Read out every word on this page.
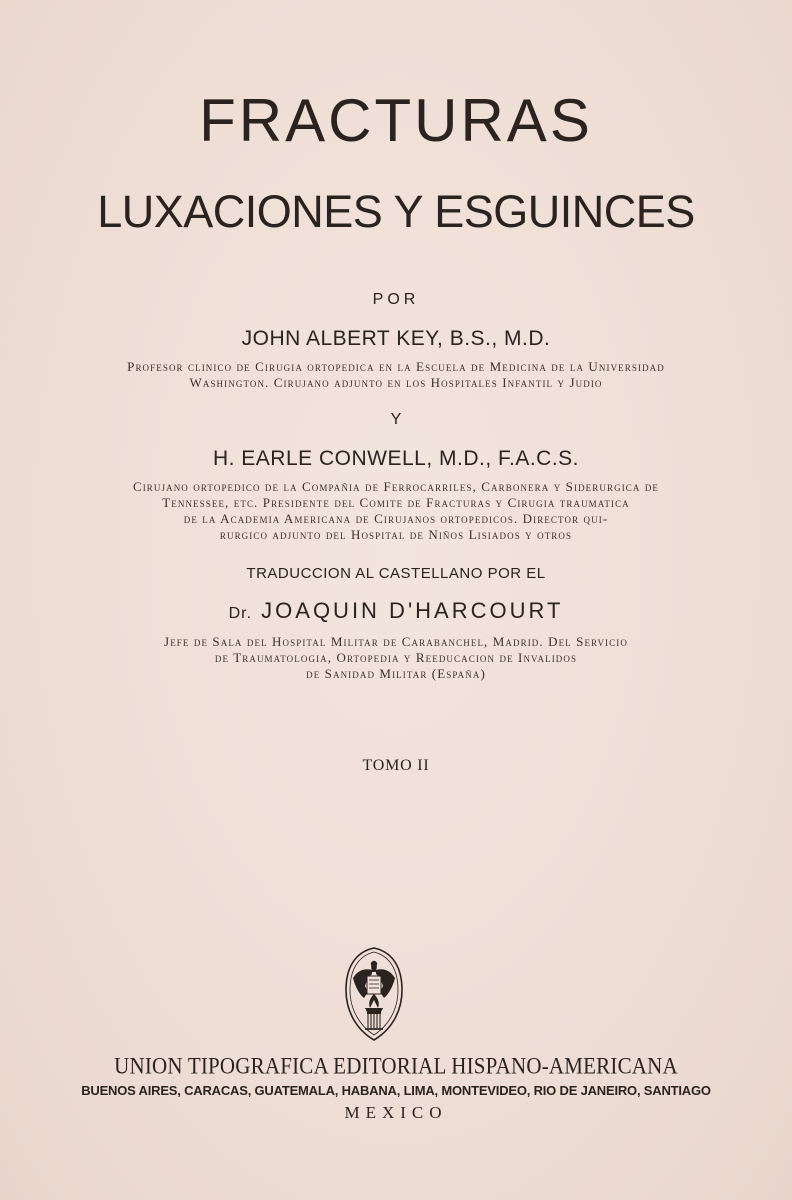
FRACTURAS
LUXACIONES Y ESGUINCES
POR
JOHN ALBERT KEY, B.S., M.D.
Profesor clinico de Cirugia ortopedica en la Escuela de Medicina de la Universidad
Washington. Cirujano adjunto en los Hospitales Infantil y Judio
Y
H. EARLE CONWELL, M.D., F.A.C.S.
Cirujano ortopedico de la Compañia de Ferrocarriles, Carbonera y Siderurgica de
Tennessee, etc. Presidente del Comite de Fracturas y Cirugia traumatica
de la Academia Americana de Cirujanos ortopedicos. Director qui-
rurgico adjunto del Hospital de Niños Lisiados y otros
TRADUCCION AL CASTELLANO POR EL
Dr. JOAQUIN D'HARCOURT
Jefe de Sala del Hospital Militar de Carabanchel, Madrid. Del Servicio
de Traumatologia, Ortopedia y Reeducacion de Invalidos
de Sanidad Militar (España)
TOMO II
UNION TIPOGRAFICA EDITORIAL HISPANO-AMERICANA
BUENOS AIRES, CARACAS, GUATEMALA, HABANA, LIMA, MONTEVIDEO, RIO DE JANEIRO, SANTIAGO
MEXICO
